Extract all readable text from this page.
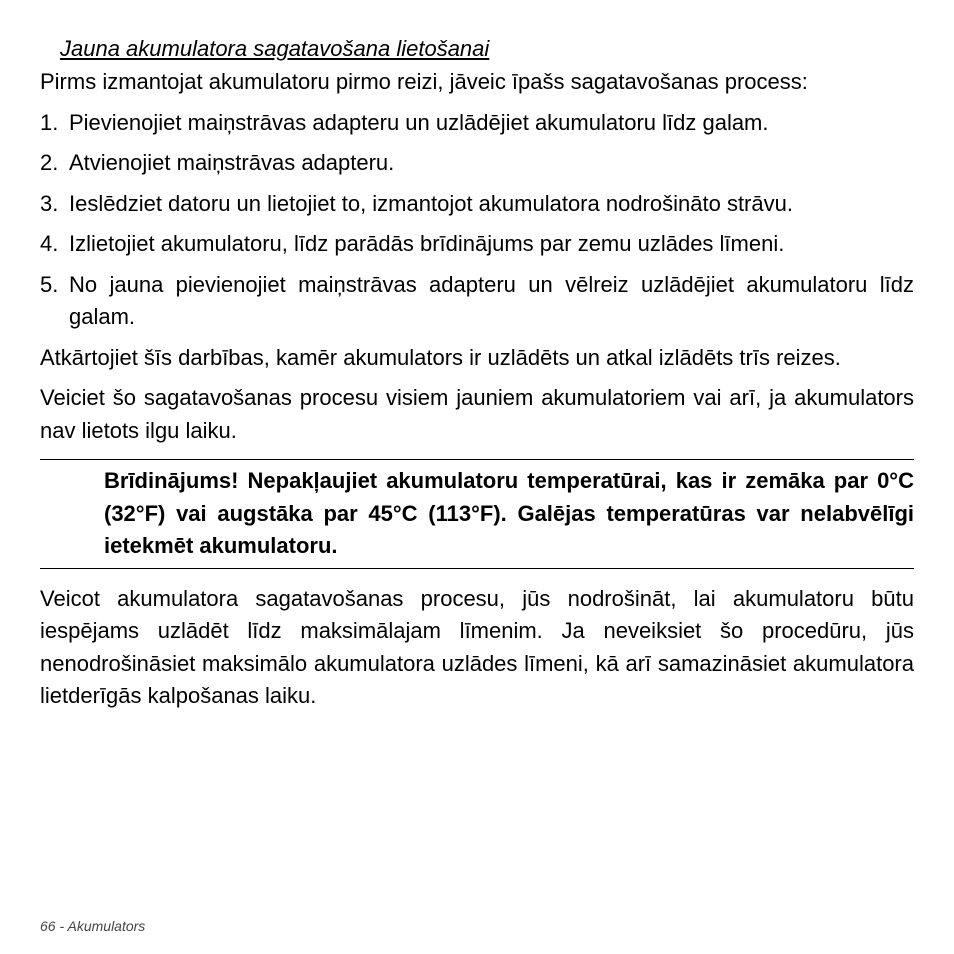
Jauna akumulatora sagatavošana lietošanai

Pirms izmantojat akumulatoru pirmo reizi, jāveic īpašs sagatavošanas process:

1. Pievienojiet maiņstrāvas adapteru un uzlādējiet akumulatoru līdz galam.
2. Atvienojiet maiņstrāvas adapteru.
3. Ieslēdziet datoru un lietojiet to, izmantojot akumulatora nodrošināto strāvu.
4. Izlietojiet akumulatoru, līdz parādās brīdinājums par zemu uzlādes līmeni.
5. No jauna pievienojiet maiņstrāvas adapteru un vēlreiz uzlādējiet akumulatoru līdz galam.

Atkārtojiet šīs darbības, kamēr akumulators ir uzlādēts un atkal izlādēts trīs reizes.

Veiciet šo sagatavošanas procesu visiem jauniem akumulatoriem vai arī, ja akumulators nav lietots ilgu laiku.

Brīdinājums! Nepakļaujiet akumulatoru temperatūrai, kas ir zemāka par 0°C (32°F) vai augstāka par 45°C (113°F). Galējas temperatūras var nelabvēlīgi ietekmēt akumulatoru.

Veicot akumulatora sagatavošanas procesu, jūs nodrošināt, lai akumulatoru būtu iespējams uzlādēt līdz maksimālajam līmenim. Ja neveiksiet šo procedūru, jūs nenodrošināsiet maksimālo akumulatora uzlādes līmeni, kā arī samazināsiet akumulatora lietderīgās kalpošanas laiku.

66 - Akumulators
